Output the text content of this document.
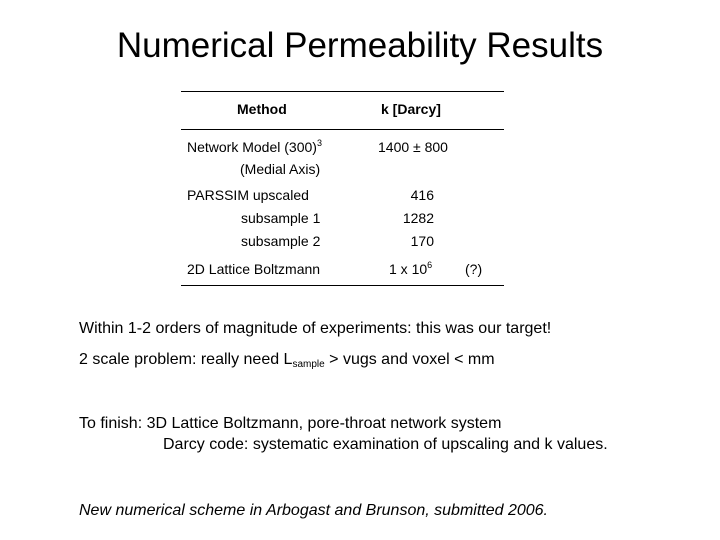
Numerical Permeability Results
Method	k [Darcy]
Network Model $(300)^3$
(Medial Axis)
1400 ± 800
PARSSIM upscaled
subsample 1
subsample 2
416
1282
170
2D Lattice Boltzmann	1 x $10^6$ (?)
Within 1-2 orders of magnitude of experiments: this was our target!
2 scale problem: really need $L_{sample}$ > vugs and voxel < mm
To finish: 3D Lattice Boltzmann, pore-throat network system
Darcy code: systematic examination of upscaling and k values.
New numerical scheme in Arbogast and Brunson, submitted 2006.
